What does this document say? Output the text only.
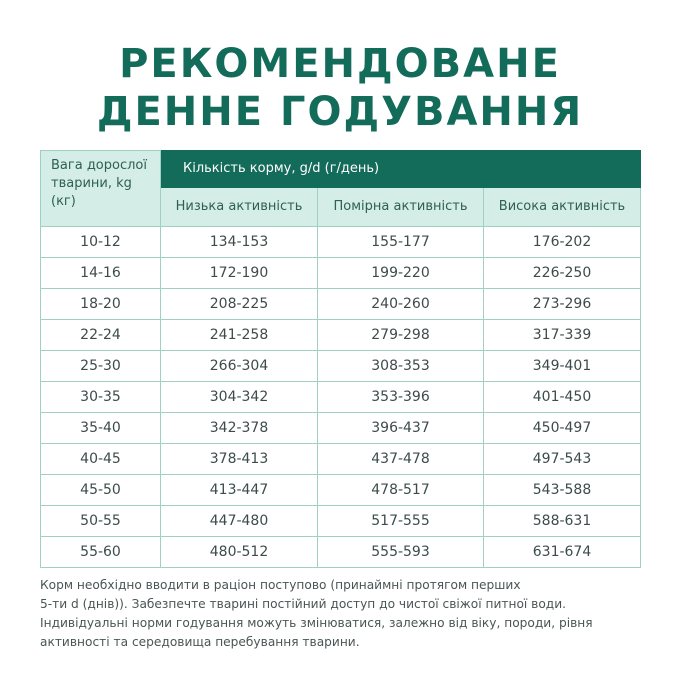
РЕКОМЕНДОВАНЕ
ДЕННЕ ГОДУВАННЯ
Вага дорослої тварини, kg (кг)	Кількість корму, g/d (г/день)		
	Низька активність	Помірна активність	Висока активність
10-12	134-153	155-177	176-202
14-16	172-190	199-220	226-250
18-20	208-225	240-260	273-296
22-24	241-258	279-298	317-339
25-30	266-304	308-353	349-401
30-35	304-342	353-396	401-450
35-40	342-378	396-437	450-497
40-45	378-413	437-478	497-543
45-50	413-447	478-517	543-588
50-55	447-480	517-555	588-631
55-60	480-512	555-593	631-674
Корм необхідно вводити в раціон поступово (принаймні протягом перших
5-ти d (днів)). Забезпечте тварині постійний доступ до чистої свіжої питної води.
Індивідуальні норми годування можуть змінюватися, залежно від віку, породи, рівня
активності та середовища перебування тварини.
